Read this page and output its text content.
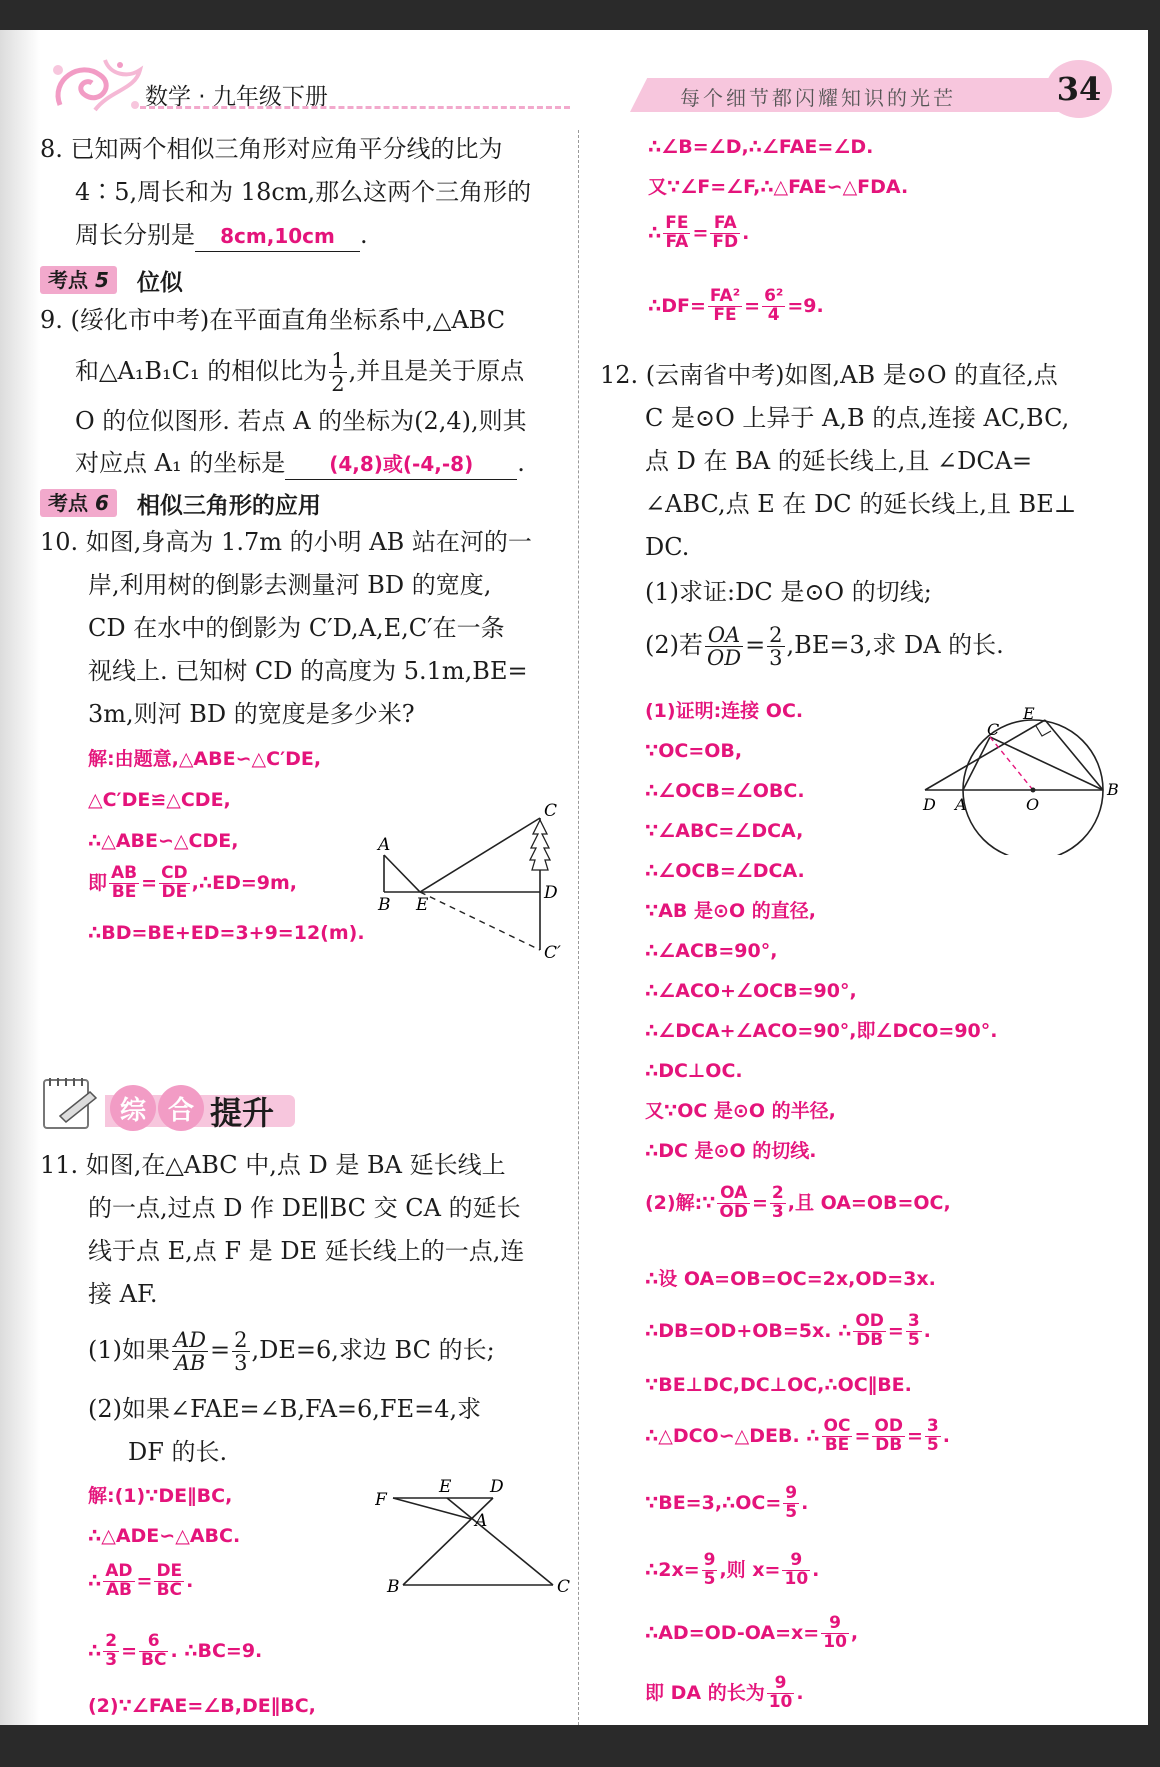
数学 · 九年级下册	每个细节都闪耀知识的光芒	34
8. 已知两个相似三角形对应角平分线的比为
4∶5,周长和为 18cm,那么这两个三角形的
周长分别是 8cm,10cm .
考点 5	位似
9. (绥化市中考)在平面直角坐标系中,△ABC
和△A₁B₁C₁ 的相似比为 $\frac{1}{2}$ ,并且是关于原点
O 的位似图形. 若点 A 的坐标为(2,4),则其
对应点 A₁ 的坐标是 (4,8)或(-4,-8) .
考点 6	相似三角形的应用
10. 如图,身高为 1.7m 的小明 AB 站在河的一
岸,利用树的倒影去测量河 BD 的宽度,
CD 在水中的倒影为 C′D,A,E,C′在一条
视线上. 已知树 CD 的高度为 5.1m,BE=
3m,则河 BD 的宽度是多少米?
解:由题意,△ABE∽△C′DE,
△C′DE≌△CDE,
∴△ABE∽△CDE,
即 $\frac{AB}{BE} = \frac{CD}{DE}$ ,∴ED=9m,
∴BD=BE+ED=3+9=12(m).
A
B E
C
D
C′
综 合 提升
11. 如图,在△ABC 中,点 D 是 BA 延长线上
的一点,过点 D 作 DE∥BC 交 CA 的延长
线于点 E,点 F 是 DE 延长线上的一点,连
接 AF.
(1)如果 $\frac{AD}{AB} = \frac{2}{3} ,DE=6$,求边 BC 的长;
(2)如果∠FAE=∠B,FA=6,FE=4,求
DF 的长.
解:(1)∵DE∥BC,
∴△ADE∽△ABC.
∴ $\frac{AD}{AB} = \frac{DE}{BC}$ .
∴ $\frac{2}{3} = \frac{6}{BC}$ . ∴BC=9.
(2)∵∠FAE=∠B,DE∥BC,
F
E D
A
B	C
∴∠B=∠D,∴∠FAE=∠D.
又∵∠F=∠F,∴△FAE∽△FDA.
∴ $\frac{FE}{FA} = \frac{FA}{FD}$ .
∴DF= $\frac{\text{FA²}}{FE} = \frac{\text{6²}}{4} =9$.
12. (云南省中考)如图,AB 是⊙O 的直径,点
C 是⊙O 上异于 A,B 的点,连接 AC,BC,
点 D 在 BA 的延长线上,且 ∠DCA=
∠ABC,点 E 在 DC 的延长线上,且 BE⊥
DC.
(1)求证:DC 是⊙O 的切线;
(2)若 $\frac{OA}{OD} = \frac{2}{3} ,BE=3$,求 DA 的长.
(1)证明:连接 OC.
∵OC=OB,
∴∠OCB=∠OBC.
∵∠ABC=∠DCA,
∴∠OCB=∠DCA.
∵AB 是⊙O 的直径,
∴∠ACB=90°,
∴∠ACO+∠OCB=90°,
∴∠DCA+∠ACO=90°,即∠DCO=90°.
∴DC⊥OC.
又∵OC 是⊙O 的半径,
∴DC 是⊙O 的切线.
(2)解:∵ $\frac{OA}{OD} = \frac{2}{3}$ ,且 OA=OB=OC,
∴设 OA=OB=OC=2x,OD=3x.
∴DB=OD+OB=5x. ∴ $\frac{OD}{DB} = \frac{3}{5}$ .
∵BE⊥DC,DC⊥OC,∴OC∥BE.
∴△DCO∽△DEB. ∴ $\frac{OC}{BE} = \frac{OD}{DB} = \frac{3}{5}$ .
∵BE=3,∴OC= $\frac{9}{5}$ .
∴2x= $\frac{9}{5}$ ,则 $x= \frac{9}{10}$ .
∴AD=OD-OA=x= $\frac{9}{10}$ ,
即 DA 的长为 $\frac{9}{10}$ .
E
C
D A	O
B
